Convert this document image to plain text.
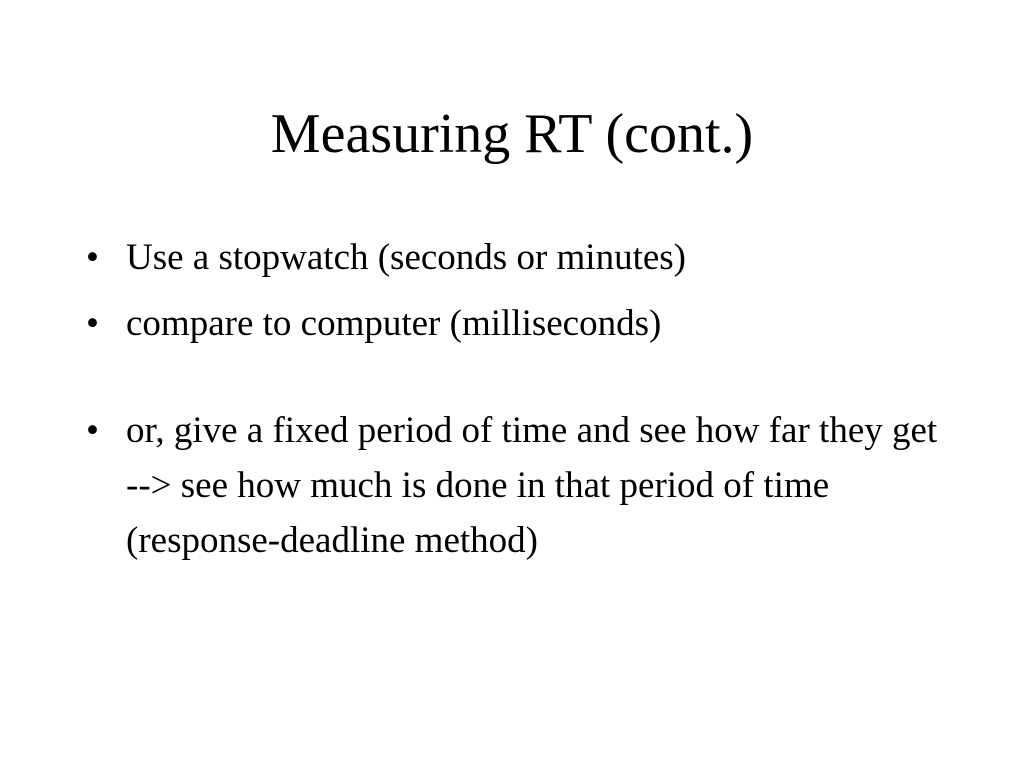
Measuring RT (cont.)
• Use a stopwatch (seconds or minutes)
• compare to computer (milliseconds)
• or, give a fixed period of time and see how far they get --> see how much is done in that period of time (response-deadline method)
